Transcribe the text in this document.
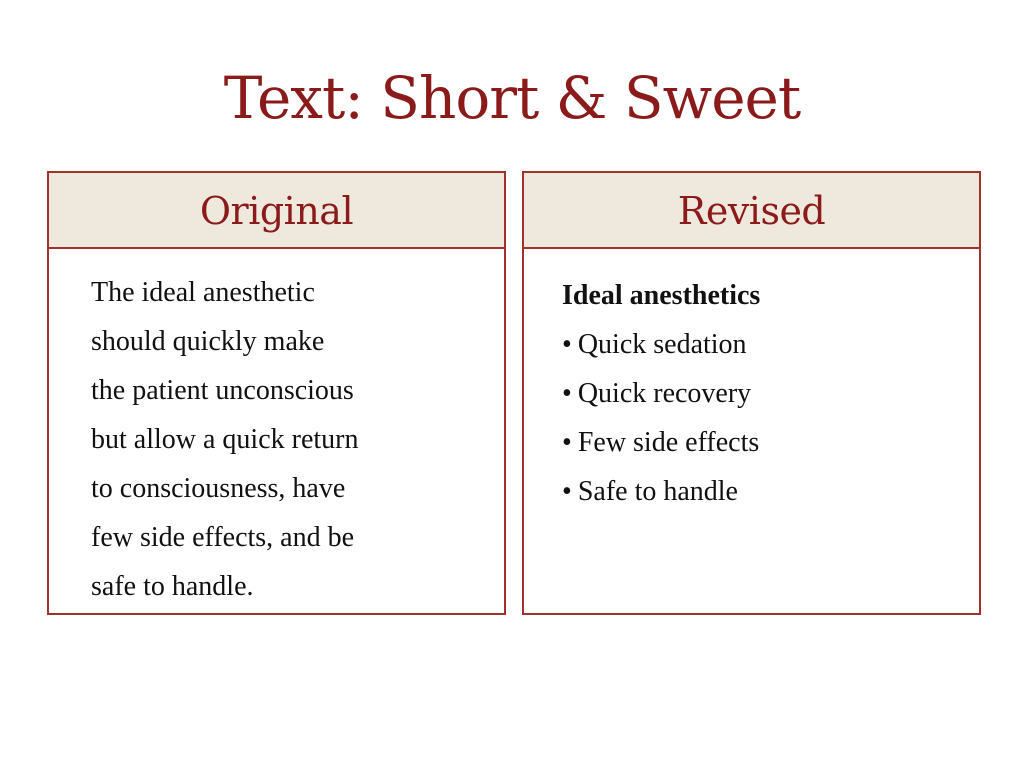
Text: Short & Sweet
Original

The ideal anesthetic
should quickly make
the patient unconscious
but allow a quick return
to consciousness, have
few side effects, and be
safe to handle.

Revised

Ideal anesthetics

• Quick sedation
• Quick recovery
• Few side effects
• Safe to handle
